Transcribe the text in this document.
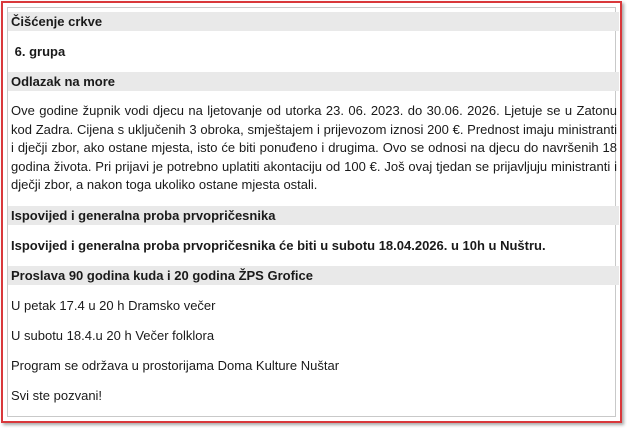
Čišćenje crkve
6. grupa
Odlazak na more
Ove godine župnik vodi djecu na ljetovanje od utorka 23. 06. 2023. do 30.06. 2026. Ljetuje se u Zatonu kod Zadra. Cijena s uključenih 3 obroka, smještajem i prijevozom iznosi 200 €. Prednost imaju ministranti i dječji zbor, ako ostane mjesta, isto će biti ponuđeno i drugima. Ovo se odnosi na djecu do navršenih 18 godina života. Pri prijavi je potrebno uplatiti akontaciju od 100 €. Još ovaj tjedan se prijavljuju ministranti i dječji zbor, a nakon toga ukoliko ostane mjesta ostali.
Ispovijed i generalna proba prvopričesnika
Ispovijed i generalna proba prvopričesnika će biti u subotu 18.04.2026. u 10h u Nuštru.
Proslava 90 godina kuda i 20 godina ŽPS Grofice
U petak 17.4 u 20 h Dramsko večer
U subotu 18.4.u 20 h Večer folklora
Program se održava u prostorijama Doma Kulture Nuštar
Svi ste pozvani!
